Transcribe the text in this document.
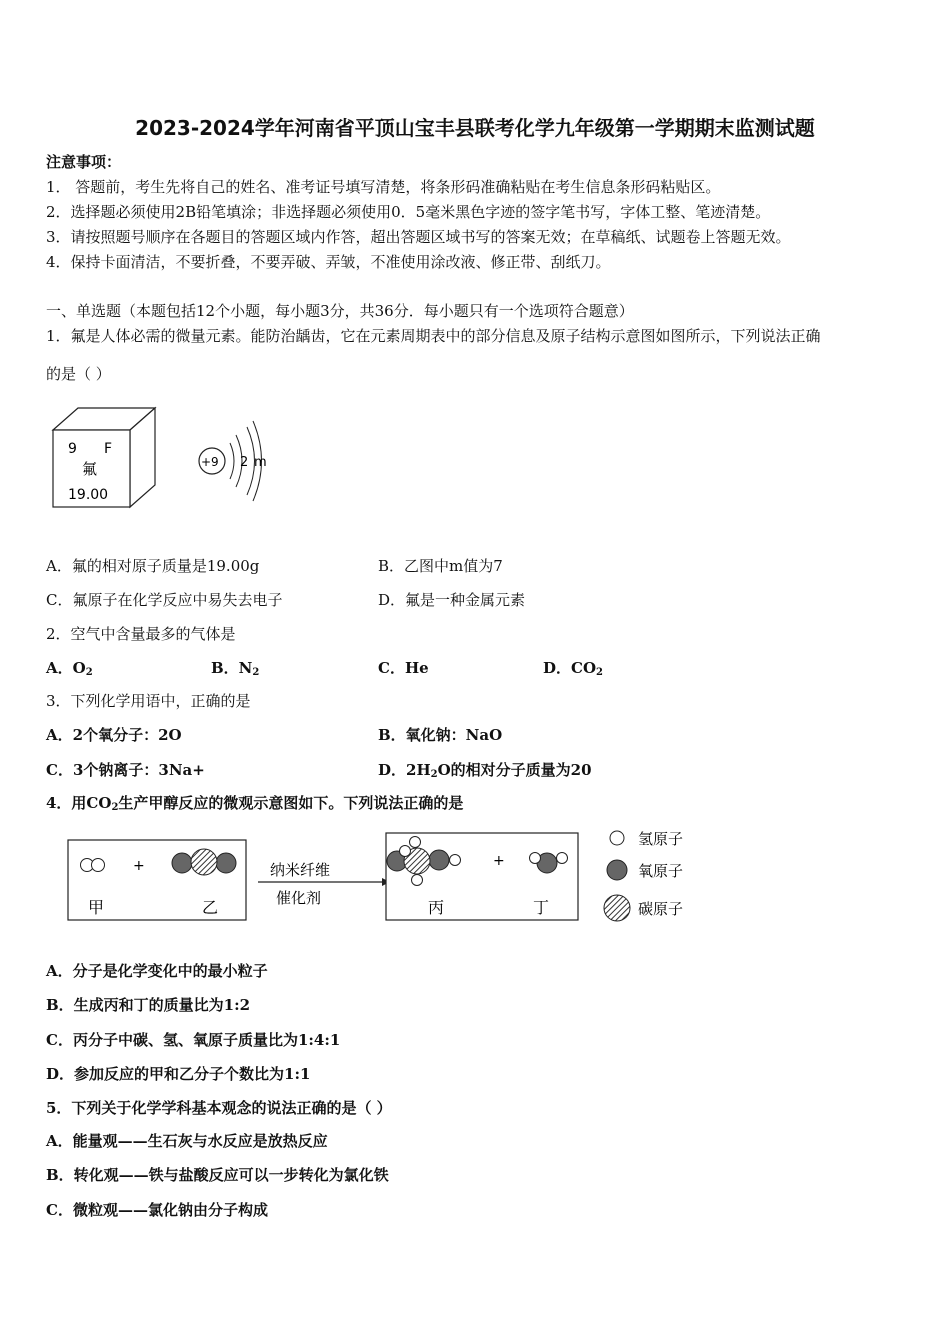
2023-2024学年河南省平顶山宝丰县联考化学九年级第一学期期末监测试题
注意事项：
1． 答题前，考生先将自己的姓名、准考证号填写清楚，将条形码准确粘贴在考生信息条形码粘贴区。
2．选择题必须使用2B铅笔填涂；非选择题必须使用0．5毫米黑色字迹的签字笔书写，字体工整、笔迹清楚。
3．请按照题号顺序在各题目的答题区域内作答，超出答题区域书写的答案无效；在草稿纸、试题卷上答题无效。
4．保持卡面清洁，不要折叠，不要弄破、弄皱，不准使用涂改液、修正带、刮纸刀。
一、单选题（本题包括12个小题，每小题3分，共36分．每小题只有一个选项符合题意）
1．氟是人体必需的微量元素。能防治龋齿，它在元素周期表中的部分信息及原子结构示意图如图所示，下列说法正确
的是（ ）
9 F
氟
19.00
+9 2 m
A．氟的相对原子质量是19.00g	B．乙图中m值为7
C．氟原子在化学反应中易失去电子	D．氟是一种金属元素
2．空气中含量最多的气体是
A．$O_2$	B．$N_2$	C．He	D．$CO_2$
3．下列化学用语中，正确的是
A．2个氧分子：2O	B．氧化钠：NaO
C．3个钠离子：3Na+	D．$2H_2O$的相对分子质量为20
4．用$CO_2$生产甲醇反应的微观示意图如下。下列说法正确的是
+
甲	乙
纳米纤维
催化剂
+
丙	丁
氢原子
氧原子
碳原子
A．分子是化学变化中的最小粒子
B．生成丙和丁的质量比为1:2
C．丙分子中碳、氢、氧原子质量比为1:4:1
D．参加反应的甲和乙分子个数比为1:1
5．下列关于化学学科基本观念的说法正确的是（ ）
A．能量观——生石灰与水反应是放热反应
B．转化观——铁与盐酸反应可以一步转化为氯化铁
C．微粒观——氯化钠由分子构成
